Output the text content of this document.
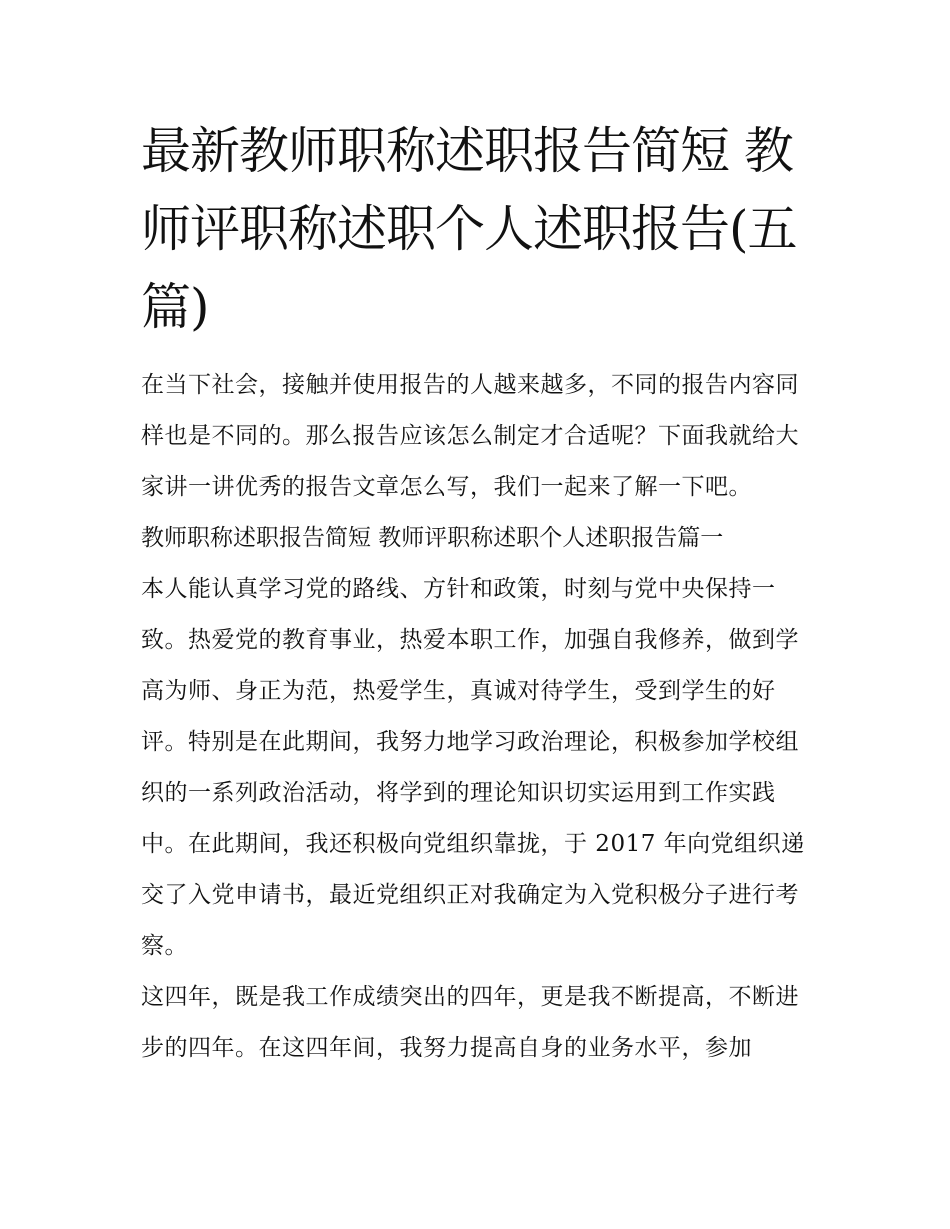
最新教师职称述职报告简短 教师评职称述职个人述职报告(五篇)

在当下社会，接触并使用报告的人越来越多，不同的报告内容同样也是不同的。那么报告应该怎么制定才合适呢？下面我就给大家讲一讲优秀的报告文章怎么写，我们一起来了解一下吧。

教师职称述职报告简短 教师评职称述职个人述职报告篇一

本人能认真学习党的路线、方针和政策，时刻与党中央保持一致。热爱党的教育事业，热爱本职工作，加强自我修养，做到学高为师、身正为范，热爱学生，真诚对待学生，受到学生的好评。特别是在此期间，我努力地学习政治理论，积极参加学校组织的一系列政治活动，将学到的理论知识切实运用到工作实践中。在此期间，我还积极向党组织靠拢，于 2017 年向党组织递交了入党申请书，最近党组织正对我确定为入党积极分子进行考察。

这四年，既是我工作成绩突出的四年，更是我不断提高，不断进步的四年。在这四年间，我努力提高自身的业务水平，参加
